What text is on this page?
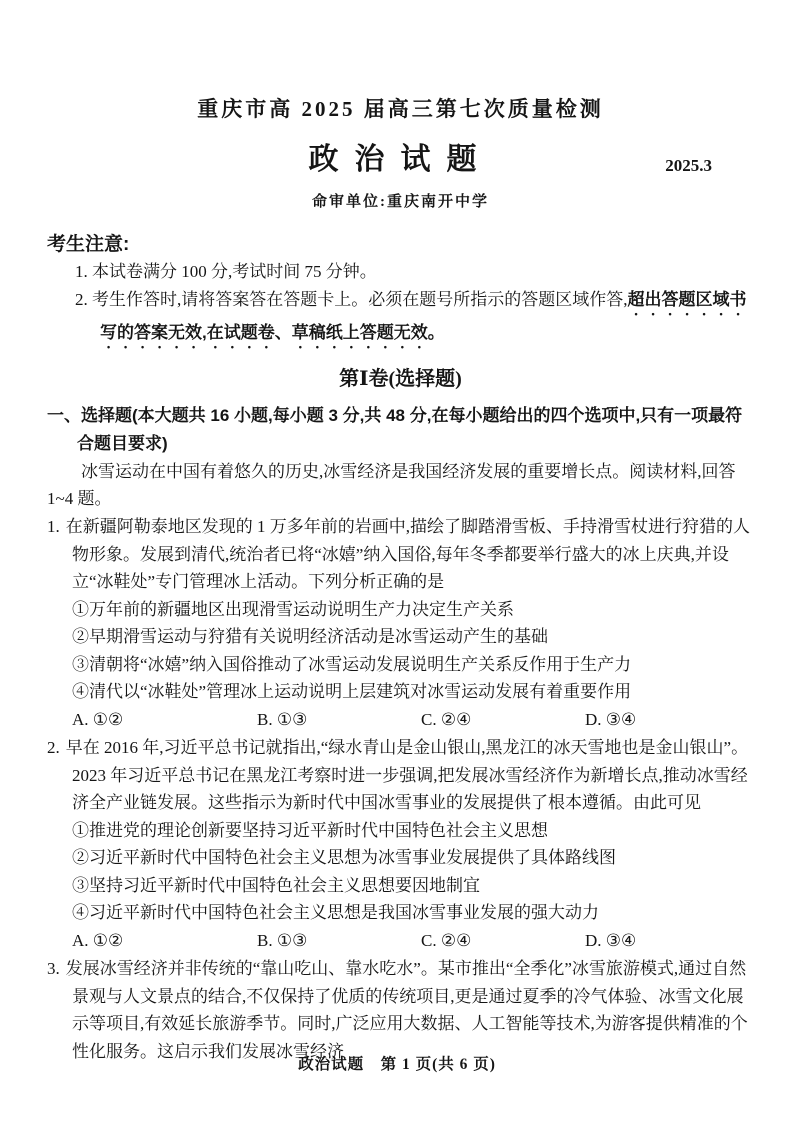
重庆市高 2025 届高三第七次质量检测
政治试题	2025.3
命审单位:重庆南开中学
考生注意:
1. 本试卷满分 100 分,考试时间 75 分钟。
2. 考生作答时,请将答案答在答题卡上。必须在题号所指示的答题区域作答,超出答题区域书写的答案无效,在试题卷、草稿纸上答题无效。
第Ⅰ卷(选择题)
一、选择题(本大题共 16 小题,每小题 3 分,共 48 分,在每小题给出的四个选项中,只有一项最符合题目要求)
冰雪运动在中国有着悠久的历史,冰雪经济是我国经济发展的重要增长点。阅读材料,回答 1~4 题。
1. 在新疆阿勒泰地区发现的 1 万多年前的岩画中,描绘了脚踏滑雪板、手持滑雪杖进行狩猎的人物形象。发展到清代,统治者已将“冰嬉”纳入国俗,每年冬季都要举行盛大的冰上庆典,并设立“冰鞋处”专门管理冰上活动。下列分析正确的是
①万年前的新疆地区出现滑雪运动说明生产力决定生产关系
②早期滑雪运动与狩猎有关说明经济活动是冰雪运动产生的基础
③清朝将“冰嬉”纳入国俗推动了冰雪运动发展说明生产关系反作用于生产力
④清代以“冰鞋处”管理冰上运动说明上层建筑对冰雪运动发展有着重要作用
A. ①②	B. ①③	C. ②④	D. ③④
2. 早在 2016 年,习近平总书记就指出,“绿水青山是金山银山,黑龙江的冰天雪地也是金山银山”。2023 年习近平总书记在黑龙江考察时进一步强调,把发展冰雪经济作为新增长点,推动冰雪经济全产业链发展。这些指示为新时代中国冰雪事业的发展提供了根本遵循。由此可见
①推进党的理论创新要坚持习近平新时代中国特色社会主义思想
②习近平新时代中国特色社会主义思想为冰雪事业发展提供了具体路线图
③坚持习近平新时代中国特色社会主义思想要因地制宜
④习近平新时代中国特色社会主义思想是我国冰雪事业发展的强大动力
A. ①②	B. ①③	C. ②④	D. ③④
3. 发展冰雪经济并非传统的“靠山吃山、靠水吃水”。某市推出“全季化”冰雪旅游模式,通过自然景观与人文景点的结合,不仅保持了优质的传统项目,更是通过夏季的冷气体验、冰雪文化展示等项目,有效延长旅游季节。同时,广泛应用大数据、人工智能等技术,为游客提供精准的个性化服务。这启示我们发展冰雪经济
政治试题　第 1 页(共 6 页)
